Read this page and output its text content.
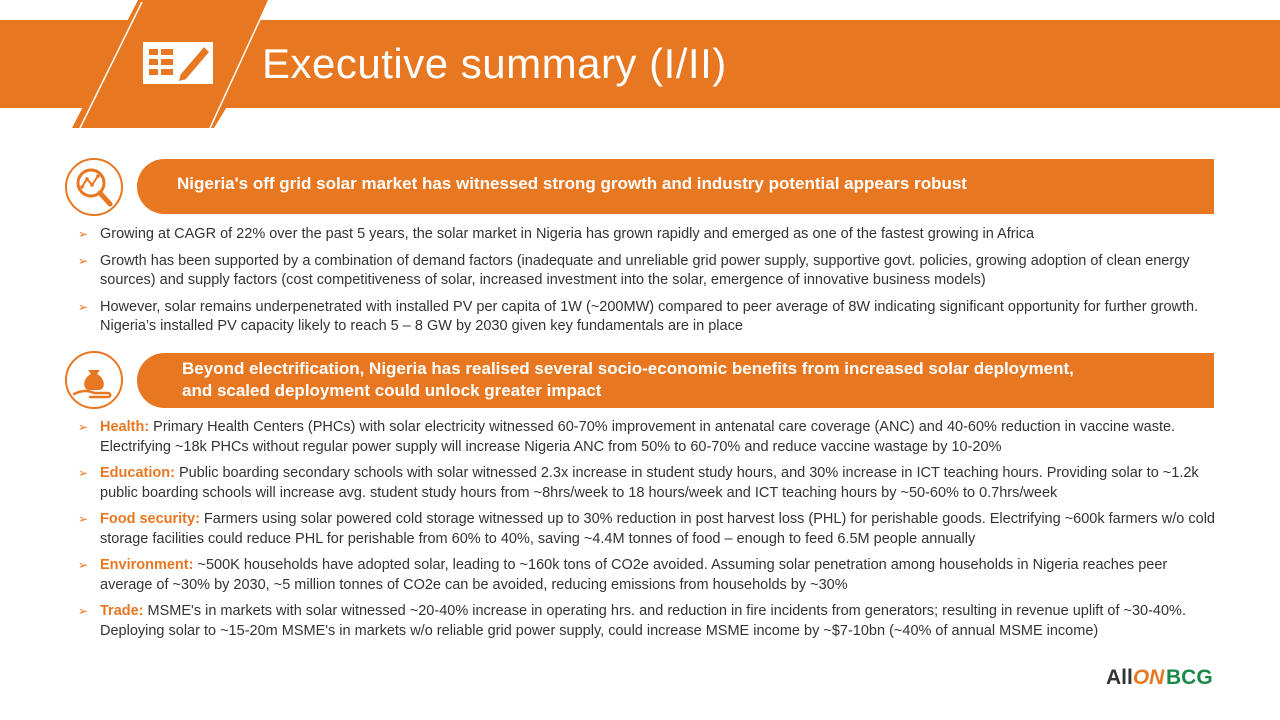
Executive summary (I/II)
Nigeria's off grid solar market has witnessed strong growth and industry potential appears robust
➢ Growing at CAGR of 22% over the past 5 years, the solar market in Nigeria has grown rapidly and emerged as one of the fastest growing in Africa
➢ Growth has been supported by a combination of demand factors (inadequate and unreliable grid power supply, supportive govt. policies, growing adoption of clean energy sources) and supply factors (cost competitiveness of solar, increased investment into the solar, emergence of innovative business models)
➢ However, solar remains underpenetrated with installed PV per capita of 1W (~200MW) compared to peer average of 8W indicating significant opportunity for further growth. Nigeria’s installed PV capacity likely to reach 5 – 8 GW by 2030 given key fundamentals are in place
Beyond electrification, Nigeria has realised several socio-economic benefits from increased solar deployment,
and scaled deployment could unlock greater impact
➢ Health: Primary Health Centers (PHCs) with solar electricity witnessed 60-70% improvement in antenatal care coverage (ANC) and 40-60% reduction in vaccine waste. Electrifying ~18k PHCs without regular power supply will increase Nigeria ANC from 50% to 60-70% and reduce vaccine wastage by 10-20%
➢ Education: Public boarding secondary schools with solar witnessed 2.3x increase in student study hours, and 30% increase in ICT teaching hours. Providing solar to ~1.2k public boarding schools will increase avg. student study hours from ~8hrs/week to 18 hours/week and ICT teaching hours by ~50-60% to 0.7hrs/week
➢ Food security: Farmers using solar powered cold storage witnessed up to 30% reduction in post harvest loss (PHL) for perishable goods. Electrifying ~600k farmers w/o cold storage facilities could reduce PHL for perishable from 60% to 40%, saving ~4.4M tonnes of food – enough to feed 6.5M people annually
➢ Environment: ~500K households have adopted solar, leading to ~160k tons of CO2e avoided. Assuming solar penetration among households in Nigeria reaches peer average of ~30% by 2030, ~5 million tonnes of CO2e can be avoided, reducing emissions from households by ~30%
➢ Trade: MSME's in markets with solar witnessed ~20-40% increase in operating hrs. and reduction in fire incidents from generators; resulting in revenue uplift of ~30-40%. Deploying solar to ~15-20m MSME's in markets w/o reliable grid power supply, could increase MSME income by ~$7-10bn (~40% of annual MSME income)
AllON BCG
